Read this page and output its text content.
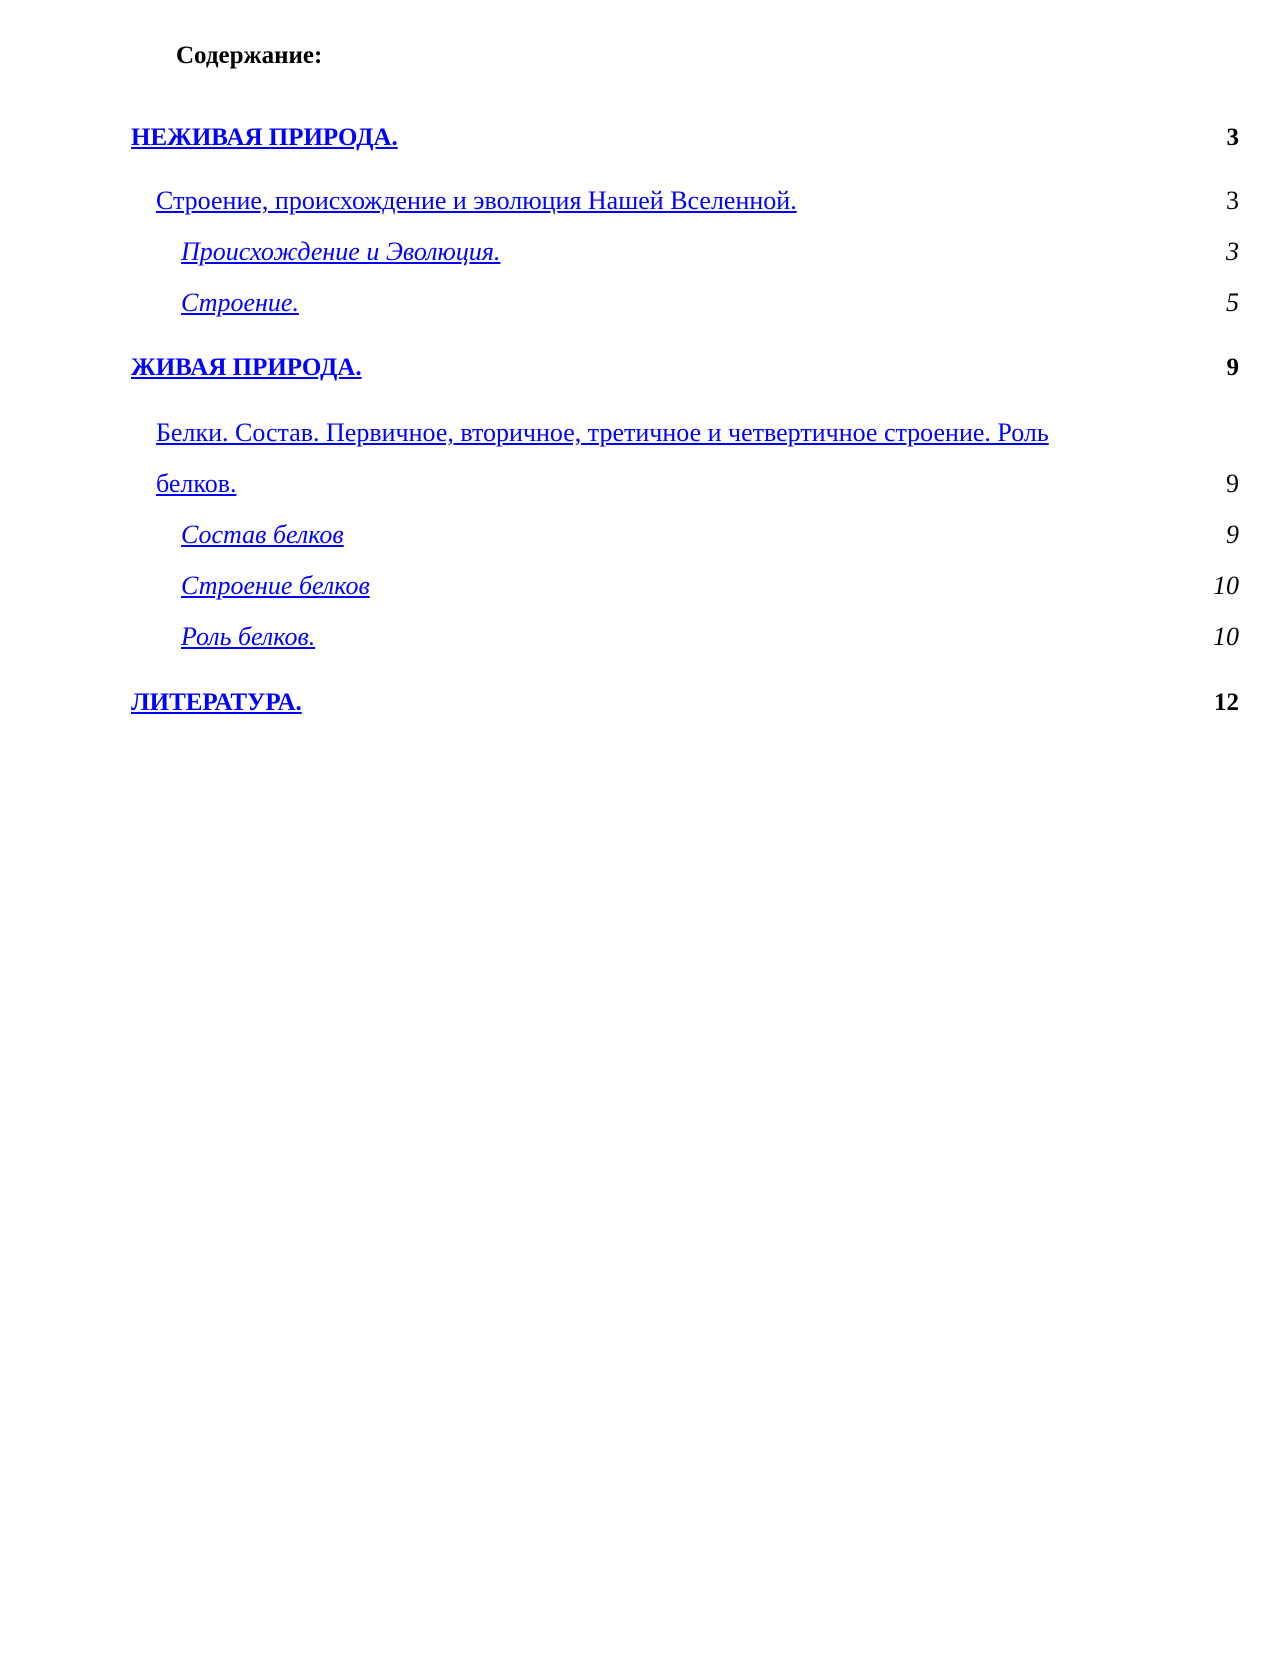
Содержание:
НЕЖИВАЯ ПРИРОДА.	3
Строение, происхождение и эволюция Нашей Вселенной.	3
Происхождение и Эволюция.	3
Строение.	5
ЖИВАЯ ПРИРОДА.	9
Белки. Состав. Первичное, вторичное, третичное и четвертичное строение. Роль
белков.	9
Состав белков	9
Строение белков	10
Роль белков.	10
ЛИТЕРАТУРА.	12
